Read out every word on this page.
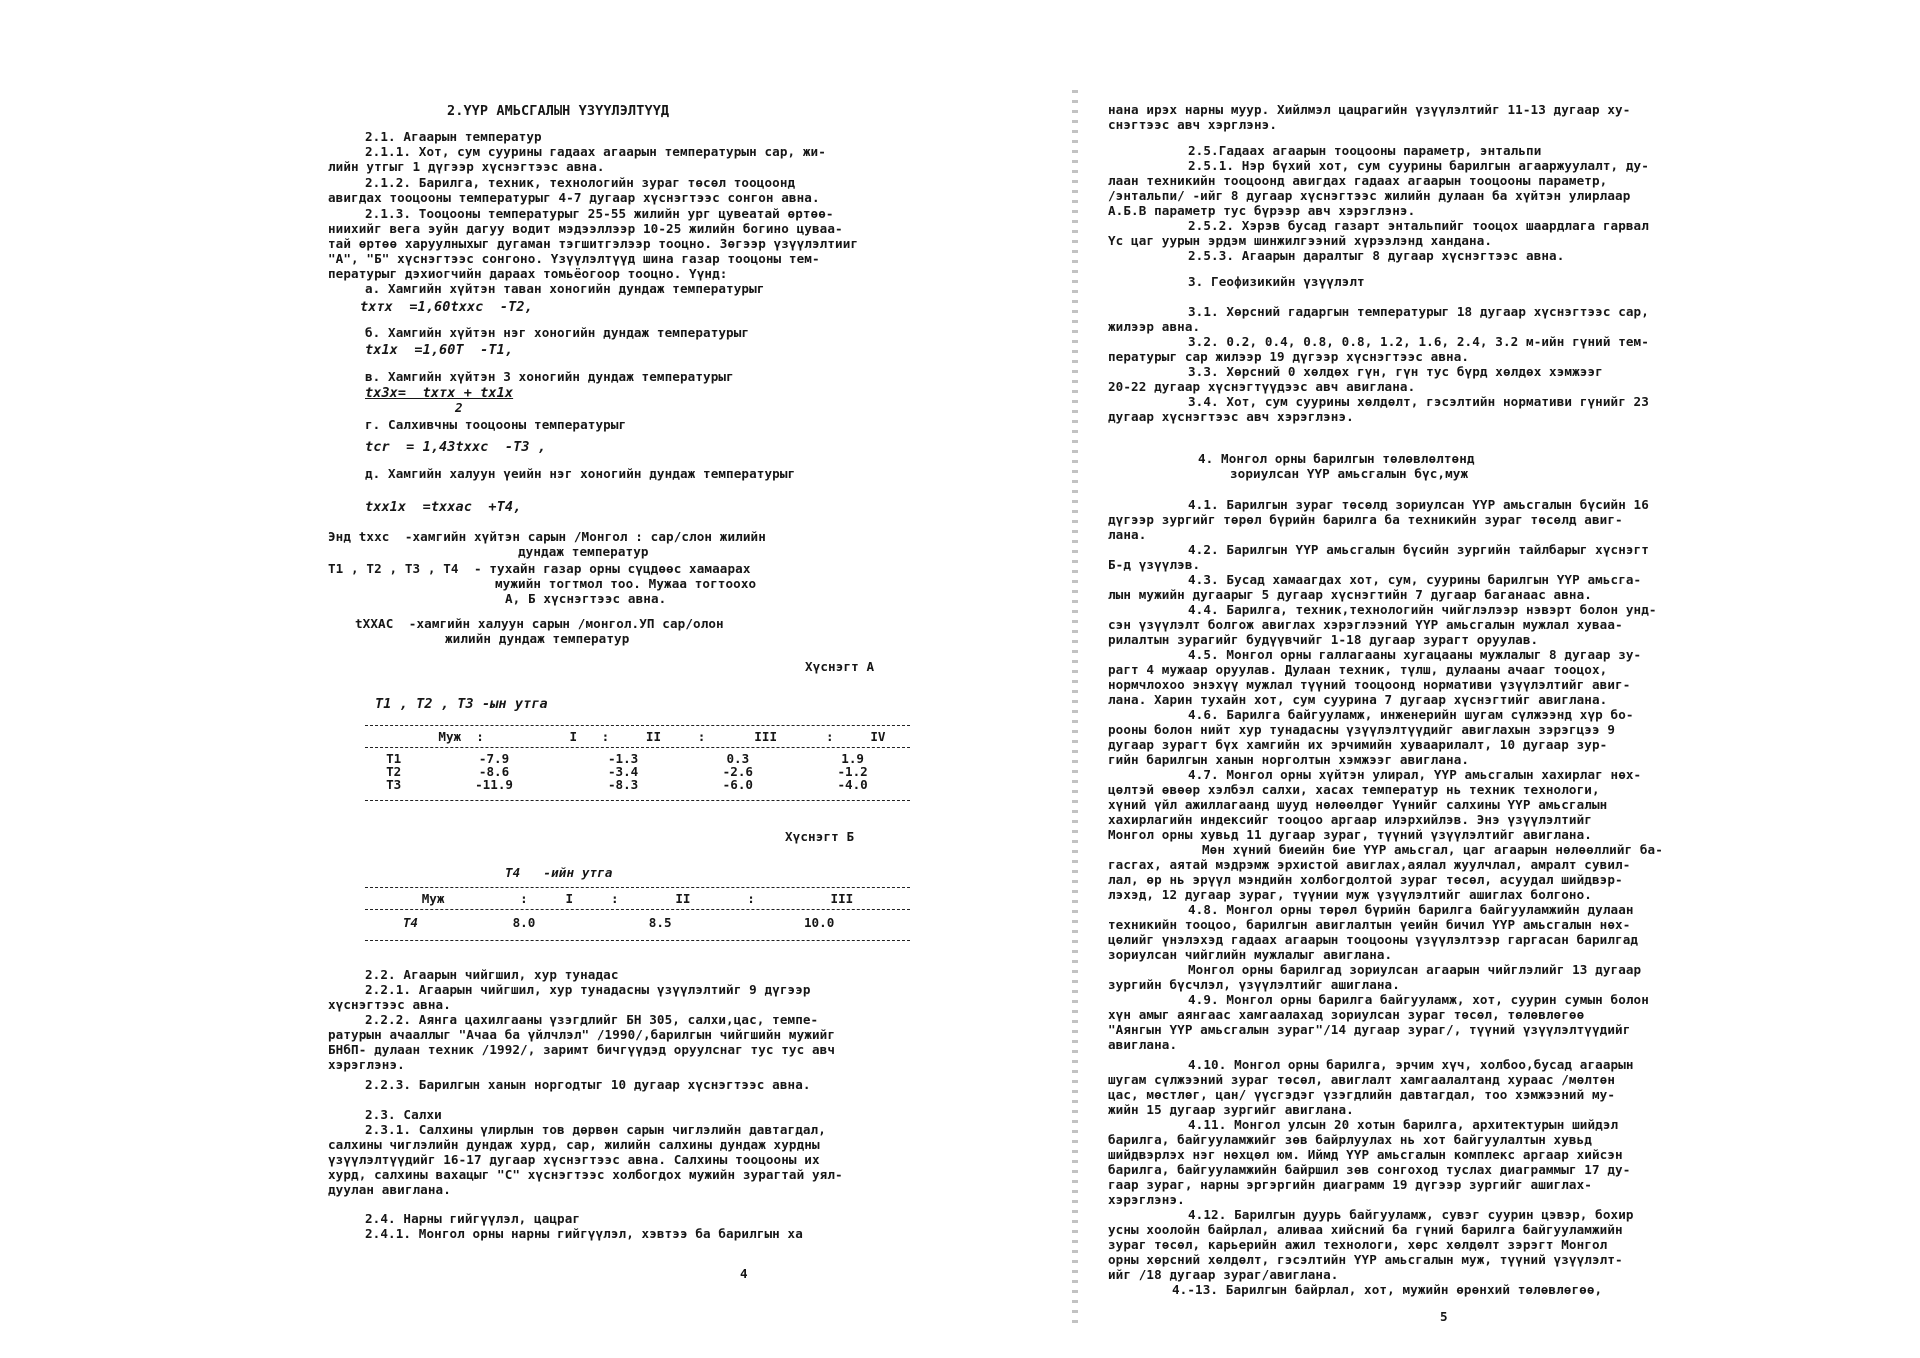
2.ҮҮР АМЬСГАЛЫН ҮЗҮҮЛЭЛТҮҮД
2.1. Агаарын температур
2.1.1. Хот, сум суурины гадаах агаарын температурын сар, жи-
лийн утгыг 1 дүгээр хүснэгтээс авна.
2.1.2. Барилга, техник, технологийн зураг төсөл тооцоонд
авигдах тооцооны температурыг 4-7 дугаар хүснэгтээс сонгон авна.
2.1.3. Тооцооны температурыг 25-55 жилийн ург цувеатай өртөө-
ниихийг вега эуйн дагуу водит мэдээллээр 10-25 жилийн богино цуваа-
тай өртөө харуулныхыг дугаман тэгшитгэлээр тооцно. Зөгээр үзүүлэлтииг
"А", "Б" хүснэгтээс сонгоно. Үзүүлэлтүүд шина газар тооцоны тем-
пературыг дэхиогчийн дараах томьёогоор тооцно. Үүнд:
а. Хамгийн хүйтэн таван хоногийн дундаж температурыг
tхтх  =1,60tххс  -Т2,
б. Хамгийн хүйтэн нэг хоногийн дундаж температурыг
tх1х  =1,60Т  -Т1,
в. Хамгийн хүйтэн 3 хоногийн дундаж температурыг
tх3х=  tхтх + tх1х
2
г. Салхивчны тооцооны температурыг
tcr  = 1,43tххс  -Т3 ,
д. Хамгийн халуун үеийн нэг хоногийн дундаж температурыг
tхх1х  =tххас  +Т4,
Энд tххс  -хамгийн хүйтэн сарын /Монгол : сар/слон жилийн
дундаж температур
Т1 , Т2 , Т3 , Т4  - тухайн газар орны сүцдөөс хамаарах
мужийн тогтмол тоо. Мужаа тогтоохо
А, Б хүснэгтээс авна.
tХХАС  -хамгийн халуун сарын /монгол.УП сар/олон
жилийн дундаж температур
Хүснэгт А
Т1 , Т2 , Т3 -ын утга
Муж  :	I	:	II	:	III	:	IV
Т1	-7.9	-1.3	0.3	1.9
Т2	-8.6	-3.4	-2.6	-1.2
Т3	-11.9	-8.3	-6.0	-4.0
Хүснэгт Б
Т4   -ийн утга
Муж	:	I	:	II	:	III
Т4	8.0	8.5	10.0
2.2. Агаарын чийгшил, хур тунадас
2.2.1. Агаарын чийгшил, хур тунадасны үзүүлэлтийг 9 дүгээр
хүснэгтээс авна.
2.2.2. Аянга цахилгааны үзэгдлийг БН 305, салхи,цас, темпе-
ратурын ачааллыг "Ачаа ба үйлчлэл" /1990/,барилгын чийгшийн мужийг
БНбП- дулаан техник /1992/, заримт бичгүүдэд оруулснаг тус тус авч
хэрэглэнэ.
2.2.3. Барилгын ханын норгодтыг 10 дугаар хүснэгтээс авна.
2.3. Салхи
2.3.1. Салхины үлирлын тов дөрвөн сарын чиглэлийн давтагдал,
салхины чиглэлийн дундаж хурд, сар, жилийн салхины дундаж хурдны
үзүүлэлтүүдийг 16-17 дугаар хүснэгтээс авна. Салхины тооцооны их
хурд, салхины вахацыг "С" хүснэгтээс холбогдох мужийн зурагтай уял-
дуулан авиглана.
2.4. Нарны гийгүүлэл, цацраг
2.4.1. Монгол орны нарны гийгүүлэл, хэвтээ ба барилгын ха
4
нана ирэх нарны муур. Хийлмэл цацрагийн үзүүлэлтийг 11-13 дугаар ху-
снэгтээс авч хэрглэнэ.
2.5.Гадаах агаарын тооцооны параметр, энтальпи
2.5.1. Нэр бүхий хот, сум суурины барилгын агааржуулалт, ду-
лаан техникийн тооцоонд авигдах гадаах агаарын тооцооны параметр,
/энтальпи/ -ийг 8 дугаар хүснэгтээс жилийн дулаан ба хүйтэн улирлаар
А.Б.В параметр тус бүрээр авч хэрэглэнэ.
2.5.2. Хэрэв бусад газарт энтальпийг тооцох шаардлага гарвал
Үс цаг уурын эрдэм шинжилгээний хүрээлэнд хандана.
2.5.3. Агаарын даралтыг 8 дугаар хүснэгтээс авна.
3. Геофизикийн үзүүлэлт
3.1. Хөрсний гадаргын температурыг 18 дугаар хүснэгтээс сар,
жилээр авна.
3.2. 0.2, 0.4, 0.8, 0.8, 1.2, 1.6, 2.4, 3.2 м-ийн гүний тем-
пературыг сар жилээр 19 дүгээр хүснэгтээс авна.
3.3. Хөрсний 0 хөлдөх гүн, гүн тус бүрд хөлдөх хэмжээг
20-22 дугаар хүснэгтүүдээс авч авиглана.
3.4. Хот, сум суурины хөлдөлт, гэсэлтийн нормативи гүнийг 23
дугаар хүснэгтээс авч хэрэглэнэ.
4. Монгол орны барилгын төлөвлөлтөнд
зориулсан ҮҮР амьсгалын бүс,муж
4.1. Барилгын зураг төсөлд зориулсан ҮҮР амьсгалын бүсийн 16
дүгээр зургийг төрөл бүрийн барилга ба техникийн зураг төсөлд авиг-
лана.
4.2. Барилгын ҮҮР амьсгалын бүсийн зургийн тайлбарыг хүснэгт
Б-д үзүүлэв.
4.3. Бусад хамаагдах хот, сум, суурины барилгын ҮҮР амьсга-
лын мужийн дугаарыг 5 дугаар хүснэгтийн 7 дугаар баганаас авна.
4.4. Барилга, техник,технологийн чийглэлээр нэвэрт болон унд-
сэн үзүүлэлт болгож авиглах хэрэглээний ҮҮР амьсгалын мужлал хуваа-
рилалтын зурагийг будүүвчийг 1-18 дугаар зурагт оруулав.
4.5. Монгол орны галлагааны хугацааны мужлалыг 8 дугаар зу-
рагт 4 мужаар оруулав. Дулаан техник, түлш, дулааны ачааг тооцох,
нормчлохоо энэхүү мужлал түүний тооцоонд нормативи үзүүлэлтийг авиг-
лана. Харин тухайн хот, сум суурина 7 дугаар хүснэгтийг авиглана.
4.6. Барилга байгууламж, инженерийн шугам сүлжээнд хүр бо-
рооны болон нийт хур тунадасны үзүүлэлтүүдийг авиглахын зэрэгцээ 9
дугаар зурагт бүх хамгийн их эрчимийн хуваарилалт, 10 дугаар зур-
гийн барилгын ханын норголтын хэмжээг авиглана.
4.7. Монгол орны хүйтэн улирал, ҮҮР амьсгалын хахирлаг нөх-
цөлтэй өвөөр хэлбэл салхи, хасах температур нь техник технологи,
хүний үйл ажиллагаанд шууд нөлөөлдөг Үүнийг салхины ҮҮР амьсгалын
хахирлагийн индексийг тооцоо аргаар илэрхийлэв. Энэ үзүүлэлтийг
Монгол орны хувьд 11 дугаар зураг, түүний үзүүлэлтийг авиглана.
Мөн хүний биеийн бие ҮҮР амьсгал, цаг агаарын нөлөөллийг ба-
гасгах, аятай мэдрэмж эрхистой авиглах,аялал жуулчлал, амралт сувил-
лал, өр нь эрүүл мэндийн холбогдолтой зураг төсөл, асуудал шийдвэр-
лэхэд, 12 дугаар зураг, түүнии муж үзүүлэлтийг ашиглах болгоно.
4.8. Монгол орны төрөл бүрийн барилга байгууламжийн дулаан
техникийн тооцоо, барилгын авиглалтын үеийн бичил ҮҮР амьсгалын нөх-
цөлийг үнэлэхэд гадаах агаарын тооцооны үзүүлэлтээр гаргасан барилгад
зориулсан чийглийн мужлалыг авиглана.
Монгол орны барилгад зориулсан агаарын чийглэлийг 13 дугаар
зургийн бүсчлэл, үзүүлэлтийг ашиглана.
4.9. Монгол орны барилга байгууламж, хот, суурин сумын болон
хүн амыг аянгаас хамгаалахад зориулсан зураг төсөл, төлөвлөгөө
"Аянгын ҮҮР амьсгалын зураг"/14 дугаар зураг/, түүний үзүүлэлтүүдийг
авиглана.
4.10. Монгол орны барилга, эрчим хүч, холбоо,бусад агаарын
шугам сүлжээний зураг төсөл, авиглалт хамгаалалтанд хураас /мөлтөн
цас, мөстлөг, цан/ үүсгэдэг үзэгдлийн давтагдал, тоо хэмжээний му-
жийн 15 дугаар зургийг авиглана.
4.11. Монгол улсын 20 хотын барилга, архитектурын шийдэл
барилга, байгууламжийг зөв байрлуулах нь хот байгуулалтын хувьд
шийдвэрлэх нэг нөхцөл юм. Иймд ҮҮР амьсгалын комплекс аргаар хийсэн
барилга, байгууламжийн байршил зөв сонгоход туслах диаграммыг 17 ду-
гаар зураг, нарны эргэргийн диаграмм 19 дүгээр зургийг ашиглах-
хэрэглэнэ.
4.12. Барилгын дуурь байгууламж, сувэг суурин цэвэр, бохир
усны хоолойн байрлал, аливаа хийсний ба гүний барилга байгууламжийн
зураг төсөл, карьерийн ажил технологи, хөрс хөлдөлт зэрэгт Монгол
орны хөрсний хөлдөлт, гэсэлтийн ҮҮР амьсгалын муж, түүний үзүүлэлт-
ийг /18 дугаар зураг/авиглана.
4.-13. Барилгын байрлал, хот, мужийн өрөнхий төлөвлөгөө,
5
